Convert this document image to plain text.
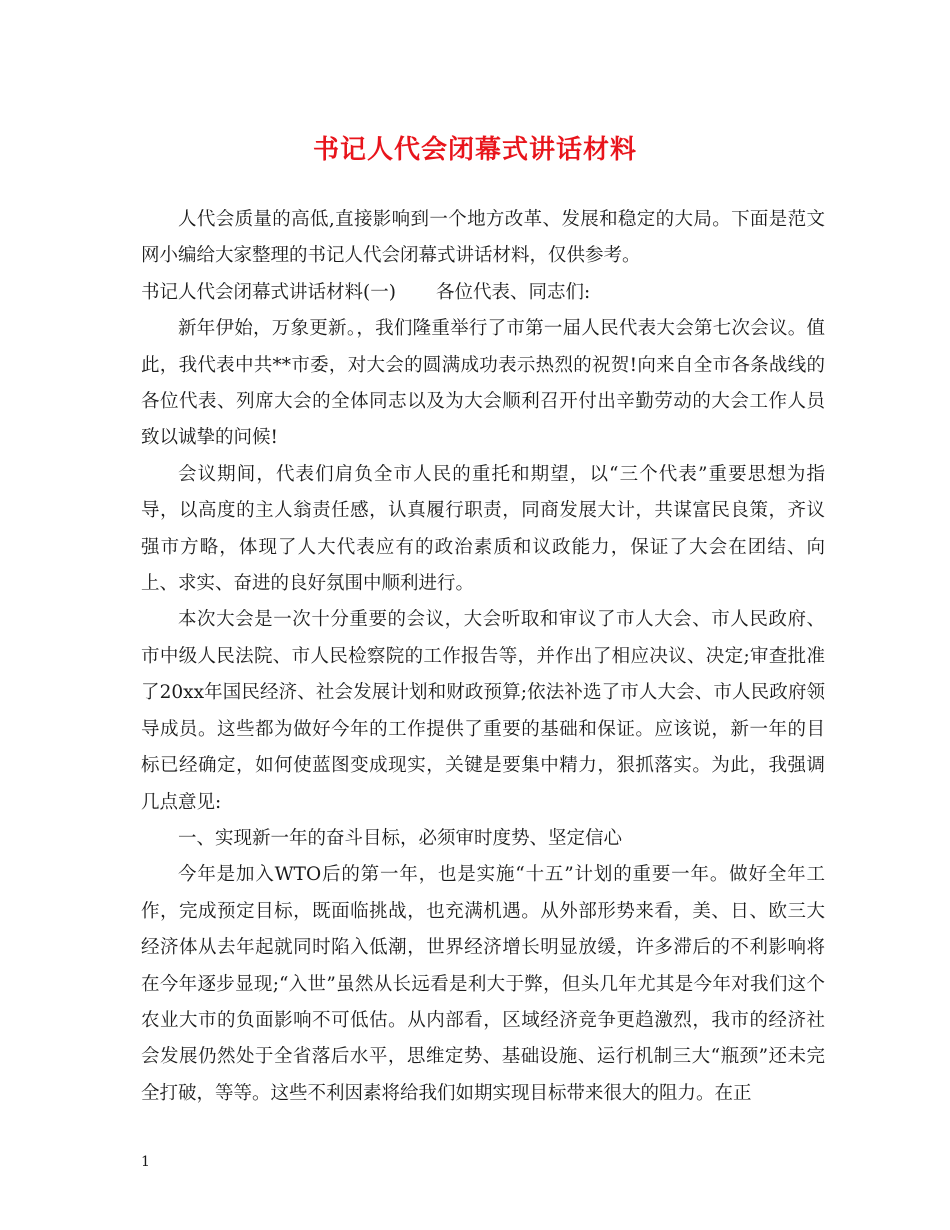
书记人代会闭幕式讲话材料

人代会质量的高低,直接影响到一个地方改革、发展和稳定的大局。下面是范文网小编给大家整理的书记人代会闭幕式讲话材料，仅供参考。

书记人代会闭幕式讲话材料(一) 各位代表、同志们:

新年伊始，万象更新。，我们隆重举行了市第一届人民代表大会第七次会议。值此，我代表中共**市委，对大会的圆满成功表示热烈的祝贺!向来自全市各条战线的各位代表、列席大会的全体同志以及为大会顺利召开付出辛勤劳动的大会工作人员致以诚挚的问候!

会议期间，代表们肩负全市人民的重托和期望，以“三个代表”重要思想为指导，以高度的主人翁责任感，认真履行职责，同商发展大计，共谋富民良策，齐议强市方略，体现了人大代表应有的政治素质和议政能力，保证了大会在团结、向上、求实、奋进的良好氛围中顺利进行。

本次大会是一次十分重要的会议，大会听取和审议了市人大会、市人民政府、市中级人民法院、市人民检察院的工作报告等，并作出了相应决议、决定;审查批准了20xx年国民经济、社会发展计划和财政预算;依法补选了市人大会、市人民政府领导成员。这些都为做好今年的工作提供了重要的基础和保证。应该说，新一年的目标已经确定，如何使蓝图变成现实，关键是要集中精力，狠抓落实。为此，我强调几点意见:

一、实现新一年的奋斗目标，必须审时度势、坚定信心

今年是加入WTO后的第一年，也是实施“十五”计划的重要一年。做好全年工作，完成预定目标，既面临挑战，也充满机遇。从外部形势来看，美、日、欧三大经济体从去年起就同时陷入低潮，世界经济增长明显放缓，许多滞后的不利影响将在今年逐步显现;“入世”虽然从长远看是利大于弊，但头几年尤其是今年对我们这个农业大市的负面影响不可低估。从内部看，区域经济竞争更趋激烈，我市的经济社会发展仍然处于全省落后水平，思维定势、基础设施、运行机制三大“瓶颈”还未完全打破，等等。这些不利因素将给我们如期实现目标带来很大的阻力。在正

1
